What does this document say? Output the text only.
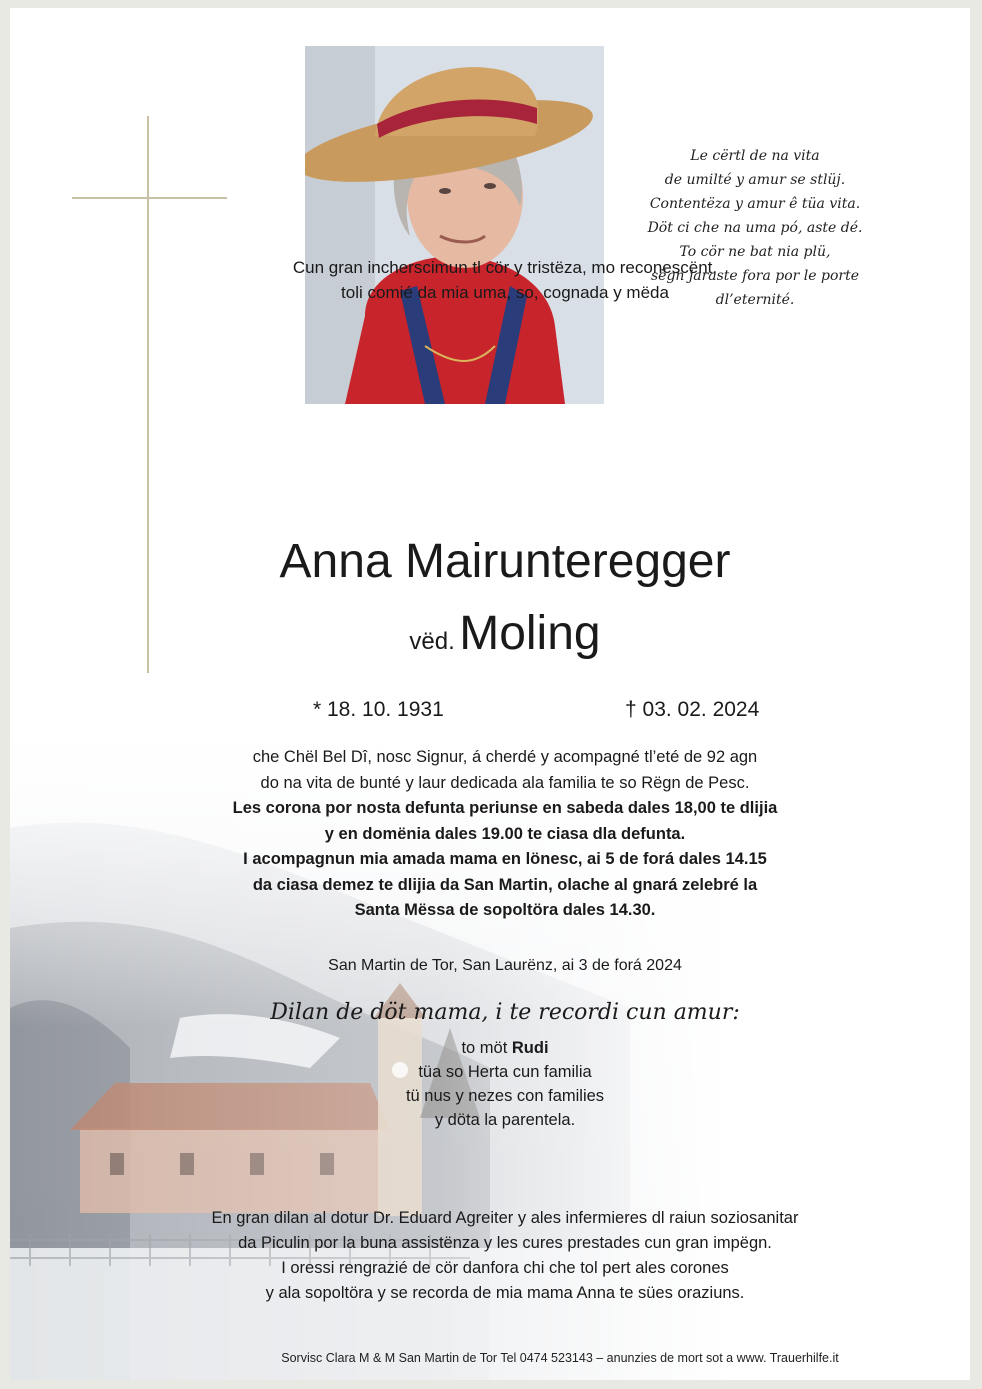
Le cërtl de na vita
de umilté y amur se stlüj.
Contentëza y amur ê tüa vita.
Döt ci che na uma pó, aste dé.
To cör ne bat nia plü,
sëgn jaraste fora por le porte
dl’eternité.
Cun gran incherscimun tl cör y tristëza, mo reconescënt,
toli comié da mia uma, so, cognada y mëda
Anna Mairunteregger
vëd. Moling
* 18. 10. 1931	† 03. 02. 2024
che Chël Bel Dî, nosc Signur, á cherdé y acompagné tl’eté de 92 agn
do na vita de bunté y laur dedicada ala familia te so Rëgn de Pesc.
Les corona por nosta defunta periunse en sabeda dales 18,00 te dlijia
y en domënia dales 19.00 te ciasa dla defunta.
I acompagnun mia amada mama en lönesc, ai 5 de forá dales 14.15
da ciasa demez te dlijia da San Martin, olache al gnará zelebré la
Santa Mëssa de sopoltöra dales 14.30.
San Martin de Tor, San Laurënz, ai 3 de forá 2024
Dilan de döt mama, i te recordi cun amur:
to möt Rudi
tüa so Herta cun familia
tü nus y nezes con families
y döta la parentela.
En gran dilan al dotur Dr. Eduard Agreiter y ales infermieres dl raiun soziosanitar
da Piculin por la buna assistënza y les cures prestades cun gran impëgn.
I oressi rengrazié de cör danfora chi che tol pert ales corones
y ala sopoltöra y se recorda de mia mama Anna te sües oraziuns.
Sorvisc Clara M & M San Martin de Tor Tel 0474 523143 – anunzies de mort sot a www. Trauerhilfe.it
